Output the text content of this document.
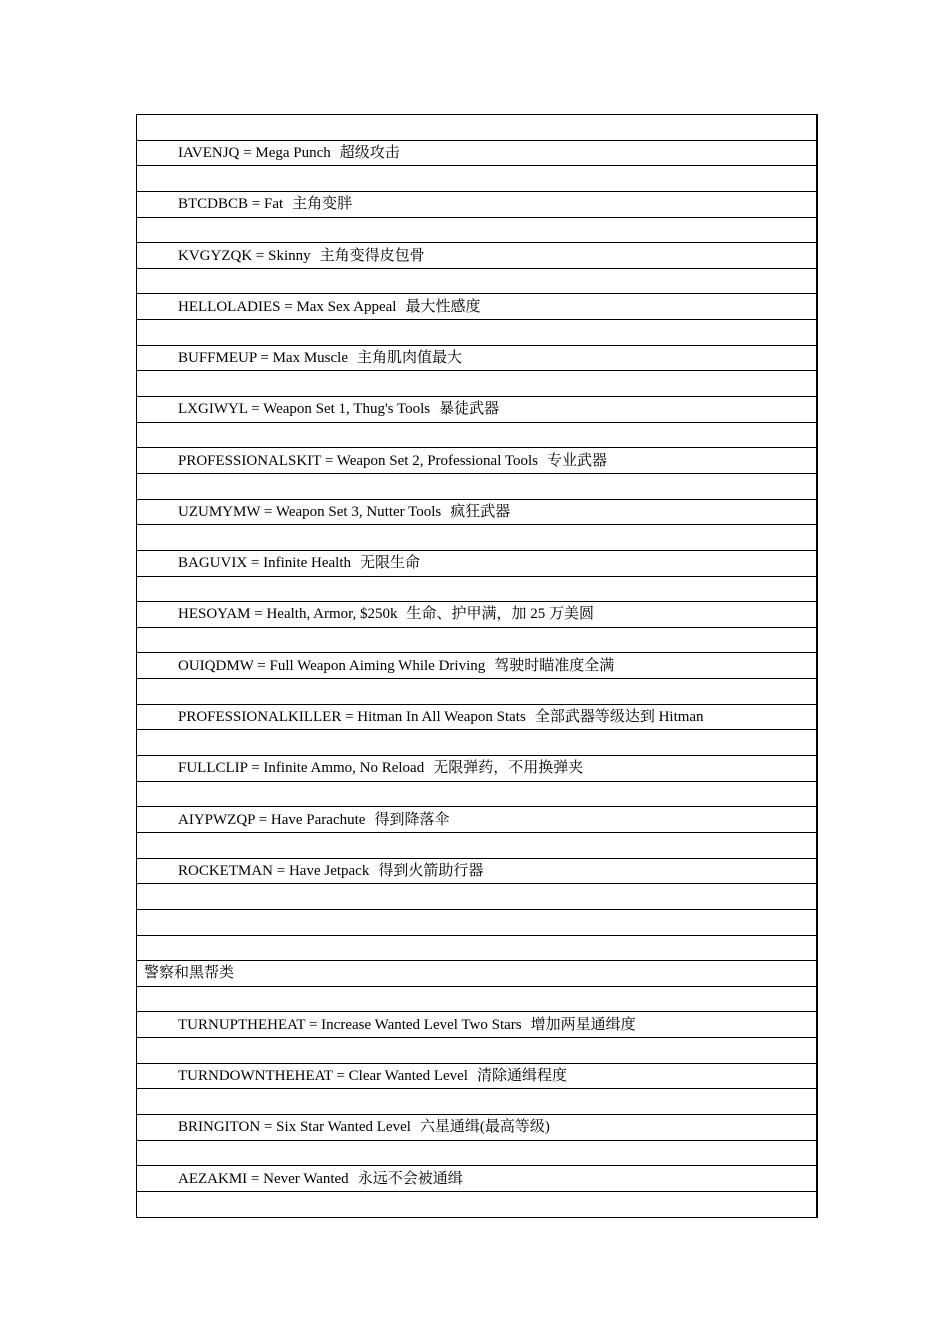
IAVENJQ = Mega Punch 超级攻击

BTCDBCB = Fat 主角变胖

KVGYZQK = Skinny 主角变得皮包骨

HELLOLADIES = Max Sex Appeal 最大性感度

BUFFMEUP = Max Muscle 主角肌肉值最大

LXGIWYL = Weapon Set 1, Thug's Tools 暴徒武器

PROFESSIONALSKIT = Weapon Set 2, Professional Tools 专业武器

UZUMYMW = Weapon Set 3, Nutter Tools 疯狂武器

BAGUVIX = Infinite Health 无限生命

HESOYAM = Health, Armor, $250k 生命、护甲满，加 25 万美圆

OUIQDMW = Full Weapon Aiming While Driving 驾驶时瞄准度全满

PROFESSIONALKILLER = Hitman In All Weapon Stats 全部武器等级达到 Hitman

FULLCLIP = Infinite Ammo, No Reload 无限弹药，不用换弹夹

AIYPWZQP = Have Parachute 得到降落伞

ROCKETMAN = Have Jetpack 得到火箭助行器

警察和黑帮类

TURNUPTHEHEAT = Increase Wanted Level Two Stars 增加两星通缉度

TURNDOWNTHEHEAT = Clear Wanted Level 清除通缉程度

BRINGITON = Six Star Wanted Level 六星通缉(最高等级)

AEZAKMI = Never Wanted 永远不会被通缉
